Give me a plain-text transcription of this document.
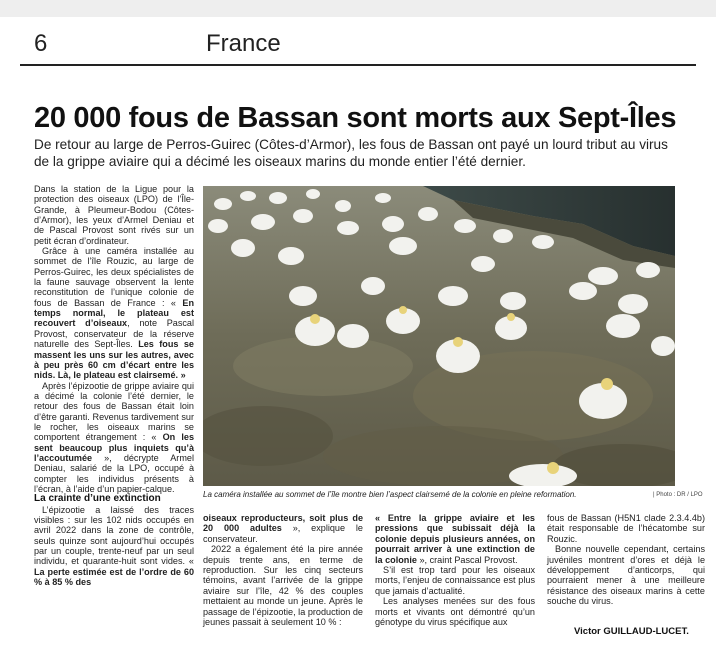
6	France
20 000 fous de Bassan sont morts aux Sept-Îles

De retour au large de Perros-Guirec (Côtes-d’Armor), les fous de Bassan ont payé un lourd tribut au virus de la grippe aviaire qui a décimé les oiseaux marins du monde entier l’été dernier.

Dans la station de la Ligue pour la protection des oiseaux (LPO) de l’Île-Grande, à Pleumeur-Bodou (Côtes-d’Armor), les yeux d’Armel Deniau et de Pascal Provost sont rivés sur un petit écran d’ordinateur.

Grâce à une caméra installée au sommet de l’île Rouzic, au large de Perros-Guirec, les deux spécialistes de la faune sauvage observent la lente reconstitution de l’unique colonie de fous de Bassan de France : « En temps normal, le plateau est recouvert d’oiseaux, note Pascal Provost, conservateur de la réserve naturelle des Sept-Îles. Les fous se massent les uns sur les autres, avec à peu près 60 cm d’écart entre les nids. Là, le plateau est clairsemé. »

Après l’épizootie de grippe aviaire qui a décimé la colonie l’été dernier, le retour des fous de Bassan était loin d’être garanti. Revenus tardivement sur le rocher, les oiseaux marins se comportent étrangement : « On les sent beaucoup plus inquiets qu’à l’accoutumée », décrypte Armel Deniau, salarié de la LPO, occupé à compter les individus présents à l’écran, à l’aide d’un papier-calque.

La crainte d’une extinction

L’épizootie a laissé des traces visibles : sur les 102 nids occupés en avril 2022 dans la zone de contrôle, seuls quinze sont aujourd’hui occupés par un couple, trente-neuf par un seul individu, et quarante-huit sont vides. « La perte estimée est de l’ordre de 60 % à 85 % des

La caméra installée au sommet de l’île montre bien l’aspect clairsemé de la colonie en pleine reformation.	| Photo : DR / LPO

oiseaux reproducteurs, soit plus de 20 000 adultes », explique le conservateur.

2022 a également été la pire année depuis trente ans, en terme de reproduction. Sur les cinq secteurs témoins, avant l’arrivée de la grippe aviaire sur l’île, 42 % des couples mettaient au monde un jeune. Après le passage de l’épizootie, la production de jeunes passait à seulement 10 % :

« Entre la grippe aviaire et les pressions que subissait déjà la colonie depuis plusieurs années, on pourrait arriver à une extinction de la colonie », craint Pascal Provost.

S’il est trop tard pour les oiseaux morts, l’enjeu de connaissance est plus que jamais d’actualité.

Les analyses menées sur des fous morts et vivants ont démontré qu’un génotype du virus spécifique aux

fous de Bassan (H5N1 clade 2.3.4.4b) était responsable de l’hécatombe sur Rouzic.

Bonne nouvelle cependant, certains juvéniles montrent d’ores et déjà le développement d’anticorps, qui pourraient mener à une meilleure résistance des oiseaux marins à cette souche du virus.

Victor GUILLAUD-LUCET.
